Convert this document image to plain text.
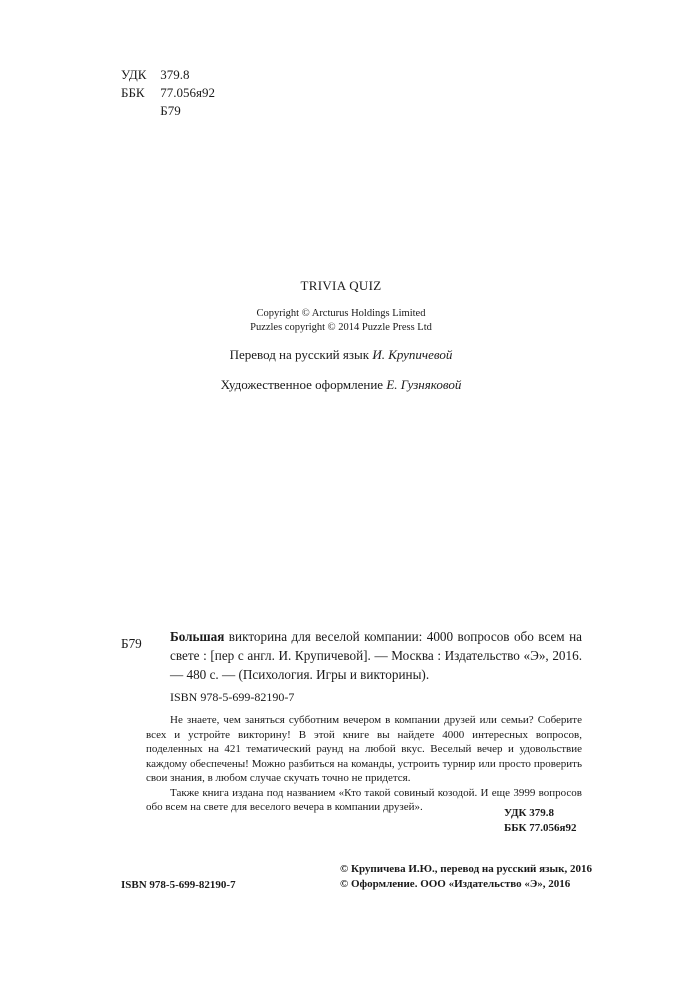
УДК 379.8
ББК 77.056я92
Б79
TRIVIA QUIZ
Copyright © Arcturus Holdings Limited
Puzzles copyright © 2014 Puzzle Press Ltd
Перевод на русский язык И. Крупичевой
Художественное оформление Е. Гузняковой
Б79 Большая викторина для веселой компании: 4000 вопросов обо всем на свете : [пер с англ. И. Крупичевой]. — Москва : Издательство «Э», 2016. — 480 с. — (Психология. Игры и викторины).
ISBN 978-5-699-82190-7

Не знаете, чем заняться субботним вечером в компании друзей или семьи? Соберите всех и устройте викторину! В этой книге вы найдете 4000 интересных вопросов, поделенных на 421 тематический раунд на любой вкус. Веселый вечер и удовольствие каждому обеспечены! Можно разбиться на команды, устроить турнир или просто проверить свои знания, в любом случае скучать точно не придется.

Также книга издана под названием «Кто такой совиный козодой. И еще 3999 вопросов обо всем на свете для веселого вечера в компании друзей».	УДК 379.8
ББК 77.056я92
ISBN 978-5-699-82190-7
© Крупичева И.Ю., перевод на русский язык, 2016
© Оформление. ООО «Издательство «Э», 2016
